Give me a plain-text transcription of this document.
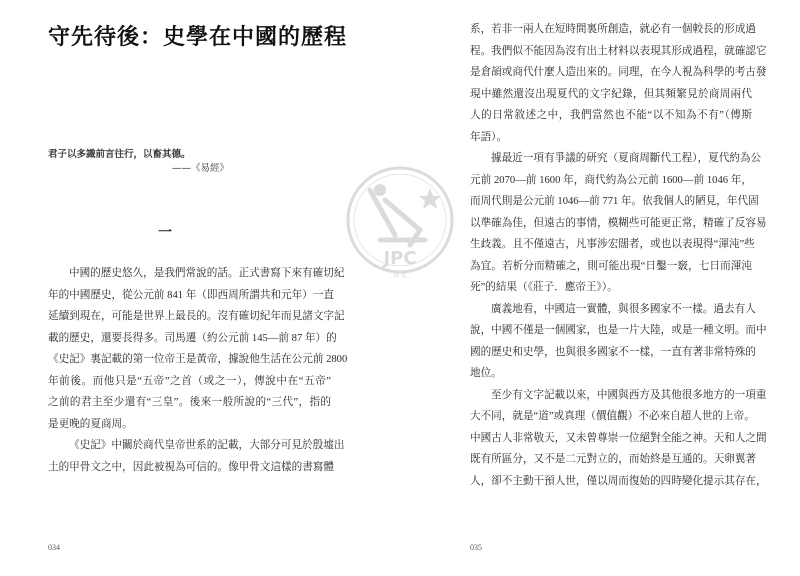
守先待後：史學在中國的歷程
君子以多識前言往行，以畜其德。
——《易經》
一
中國的歷史悠久，是我們常說的話。正式書寫下來有確切紀
年的中國歷史，從公元前 841 年（即西周所謂共和元年）一直
延續到現在，可能是世界上最長的。沒有確切紀年而見諸文字記
載的歷史，還要長得多。司馬遷（約公元前 145—前 87 年）的
《史記》裏記載的第一位帝王是黃帝，據說他生活在公元前 2800
年前後。而他只是“五帝”之首（或之一），傳說中在“五帝”
之前的君主至少還有“三皇”。後來一般所說的“三代”，指的
是更晚的夏商周。
《史記》中關於商代皇帝世系的記載，大部分可見於殷墟出
土的甲骨文之中，因此被視為可信的。像甲骨文這樣的書寫體
034
系，若非一兩人在短時間裏所創造，就必有一個較長的形成過
程。我們似不能因為沒有出土材料以表現其形成過程，就確認它
是倉頡或商代什麼人造出來的。同理，在今人視為科學的考古發
現中雖然還沒出現夏代的文字紀錄，但其頻繁見於商周兩代
人的日常敘述之中，我們當然也不能“以不知為不有”（傅斯
年語）。
據最近一項有爭議的研究（夏商周斷代工程），夏代約為公
元前 2070—前 1600 年，商代約為公元前 1600—前 1046 年，
而周代則是公元前 1046—前 771 年。依我個人的陋見，年代固
以準確為佳，但遠古的事情，模糊些可能更正常，精確了反容易
生歧義。且不僅遠古，凡事涉宏闊者，或也以表現得“渾沌”些
為宜。若析分而精確之，則可能出現“日鑿一竅，七日而渾沌
死”的結果（《莊子．應帝王》）。
廣義地看，中國這一實體，與很多國家不一樣。過去有人
說，中國不僅是一個國家，也是一片大陸，或是一種文明。而中
國的歷史和史學，也與很多國家不一樣，一直有著非常特殊的
地位。
至少有文字記載以來，中國與西方及其他很多地方的一項重
大不同，就是“道”或真理（價值觀）不必來自超人世的上帝。
中國古人非常敬天，又未曾尊崇一位絕對全能之神。天和人之間
既有所區分，又不是二元對立的，而始終是互通的。天卵翼著
人，卻不主動干預人世，僅以周而復始的四時變化提示其存在，
035
JPC
H K
